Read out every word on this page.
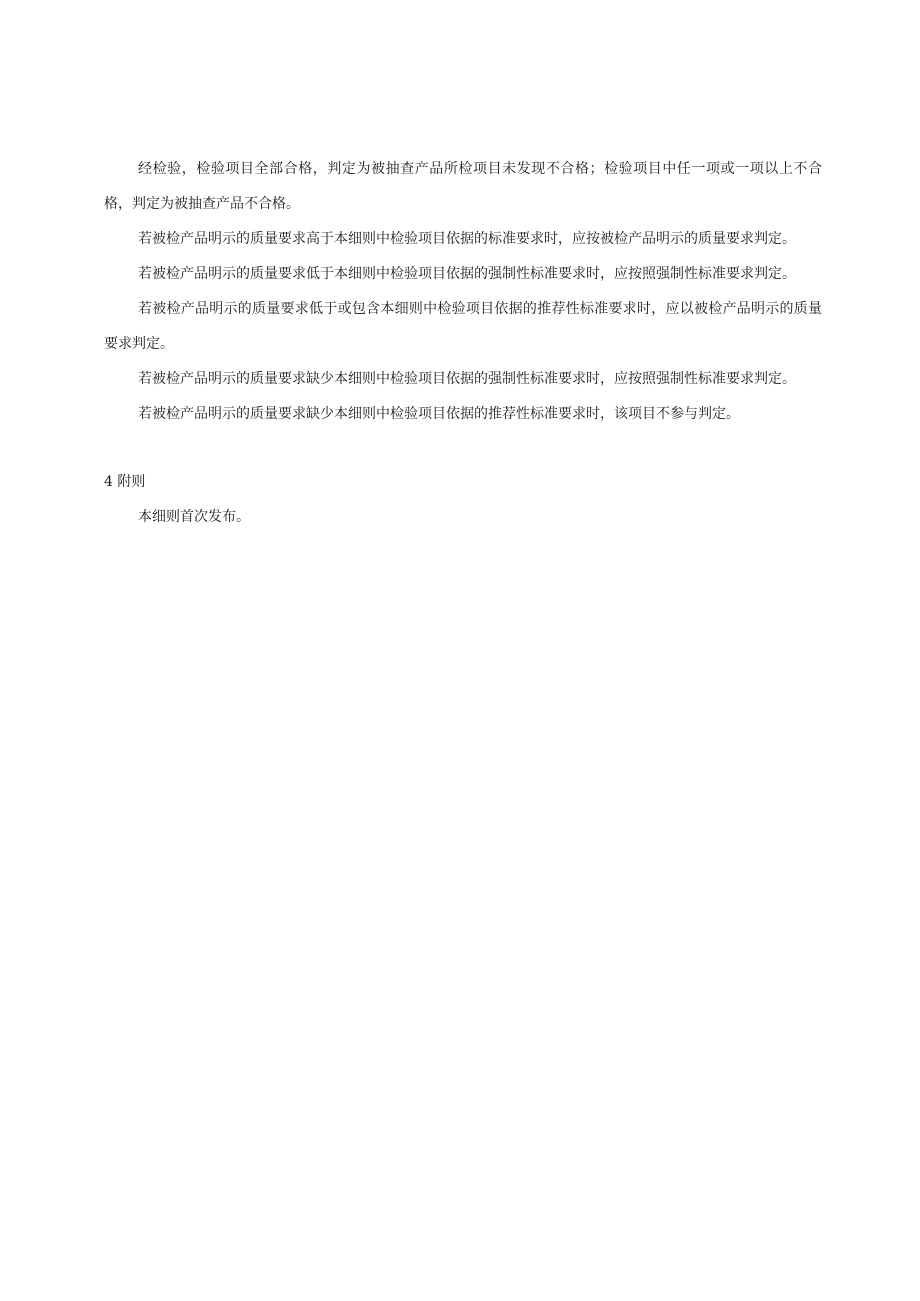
经检验，检验项目全部合格，判定为被抽查产品所检项目未发现不合格；检验项目中任一项或一项以上不合格，判定为被抽查产品不合格。

若被检产品明示的质量要求高于本细则中检验项目依据的标准要求时，应按被检产品明示的质量要求判定。

若被检产品明示的质量要求低于本细则中检验项目依据的强制性标准要求时，应按照强制性标准要求判定。

若被检产品明示的质量要求低于或包含本细则中检验项目依据的推荐性标准要求时，应以被检产品明示的质量要求判定。

若被检产品明示的质量要求缺少本细则中检验项目依据的强制性标准要求时，应按照强制性标准要求判定。

若被检产品明示的质量要求缺少本细则中检验项目依据的推荐性标准要求时，该项目不参与判定。

4 附则

本细则首次发布。
